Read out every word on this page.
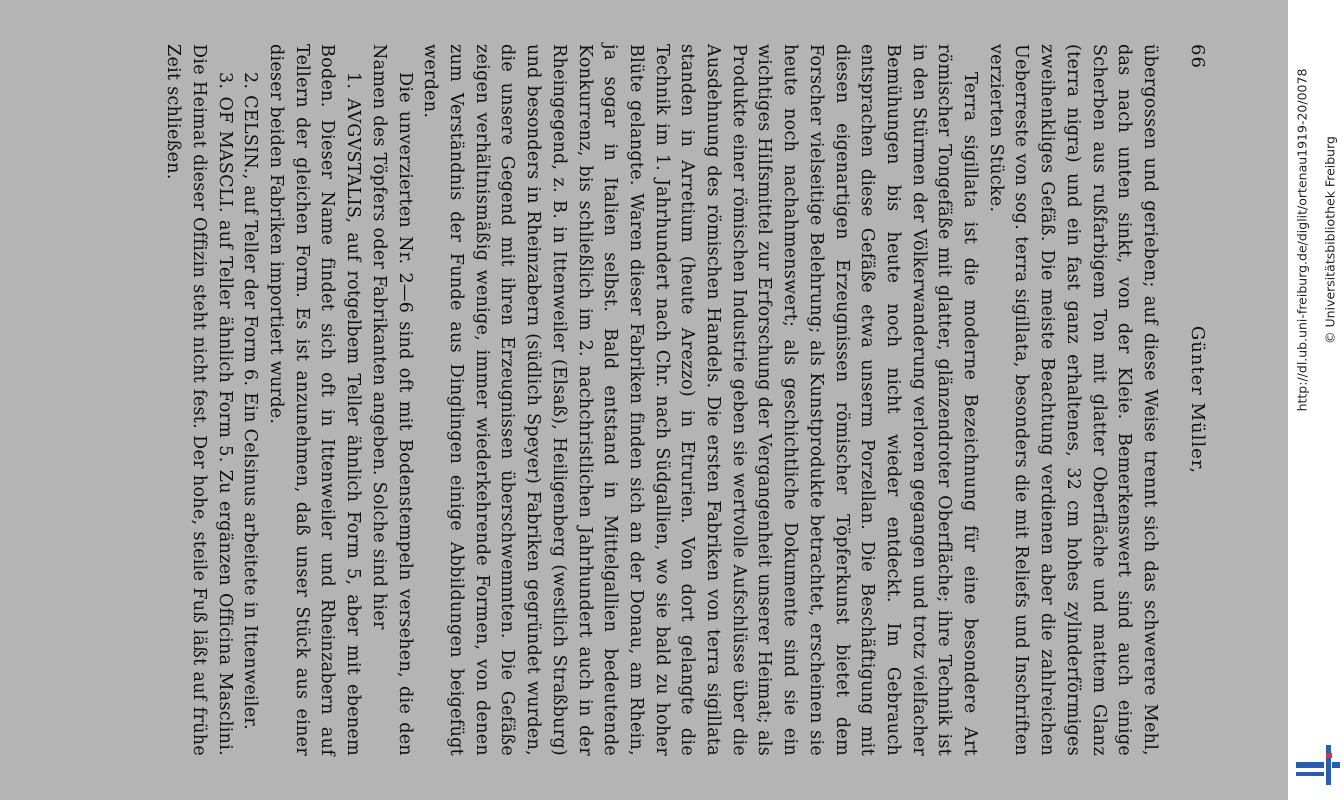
66
Günter Müller,

übergossen und gerieben; auf diese Weise trennt sich das schwerere Mehl, das nach unten sinkt, von der Kleie. Bemerkenswert sind auch einige Scherben aus rußfarbigem Ton mit glatter Oberfläche und mattem Glanz (terra nigra) und ein fast ganz erhaltenes, 32 cm hohes zylinderförmiges zweihenkliges Gefäß. Die meiste Beachtung verdienen aber die zahlreichen Ueberreste von sog. terra sigillata, besonders die mit Reliefs und Inschriften verzierten Stücke.

Terra sigillata ist die moderne Bezeichnung für eine besondere Art römischer Tongefäße mit glatter, glänzendroter Oberfläche; ihre Technik ist in den Stürmen der Völkerwanderung verloren gegangen und trotz vielfacher Bemühungen bis heute noch nicht wieder entdeckt. Im Gebrauch entsprachen diese Gefäße etwa unserm Porzellan. Die Beschäftigung mit diesen eigenartigen Erzeugnissen römischer Töpferkunst bietet dem Forscher vielseitige Belehrung; als Kunstprodukte betrachtet, erscheinen sie heute noch nachahmenswert; als geschichtliche Dokumente sind sie ein wichtiges Hilfsmittel zur Erforschung der Vergangenheit unserer Heimat; als Produkte einer römischen Industrie geben sie wertvolle Aufschlüsse über die Ausdehnung des römischen Handels. Die ersten Fabriken von terra sigillata standen in Arretium (heute Arezzo) in Etrurien. Von dort gelangte die Technik im 1. Jahrhundert nach Chr. nach Südgallien, wo sie bald zu hoher Blüte gelangte. Waren dieser Fabriken finden sich an der Donau, am Rhein, ja sogar in Italien selbst. Bald entstand in Mittelgallien bedeutende Konkurrenz, bis schließlich im 2. nachchristlichen Jahrhundert auch in der Rheingegend, z. B. in Ittenweiler (Elsaß), Heiligenberg (westlich Straßburg) und besonders in Rheinzabern (südlich Speyer) Fabriken gegründet wurden, die unsere Gegend mit ihren Erzeugnissen überschwemmten. Die Gefäße zeigen verhältnismäßig wenige, immer wiederkehrende Formen, von denen zum Verständnis der Funde aus Dinglingen einige Abbildungen beigefügt werden.

Die unverzierten Nr. 2—6 sind oft mit Bodenstempeln versehen, die den Namen des Töpfers oder Fabrikanten angeben. Solche sind hier

1. AVGVSTALIS, auf rotgelbem Teller ähnlich Form 5, aber mit ebenem Boden. Dieser Name findet sich oft in Ittenweiler und Rheinzabern auf Tellern der gleichen Form. Es ist anzunehmen, daß unser Stück aus einer dieser beiden Fabriken importiert wurde.

2. CELSIN., auf Teller der Form 6. Ein Celsinus arbeitete in Ittenweiler.

3. OF MASCLI. auf Teller ähnlich Form 5. Zu ergänzen Officina Masclini. Die Heimat dieser Offizin steht nicht fest. Der hohe, steile Fuß läßt auf frühe Zeit schließen.	http://dl.ub.uni-freiburg.de/diglit/ortenau1919-20/0078 © Universitätsbibliothek Freiburg
